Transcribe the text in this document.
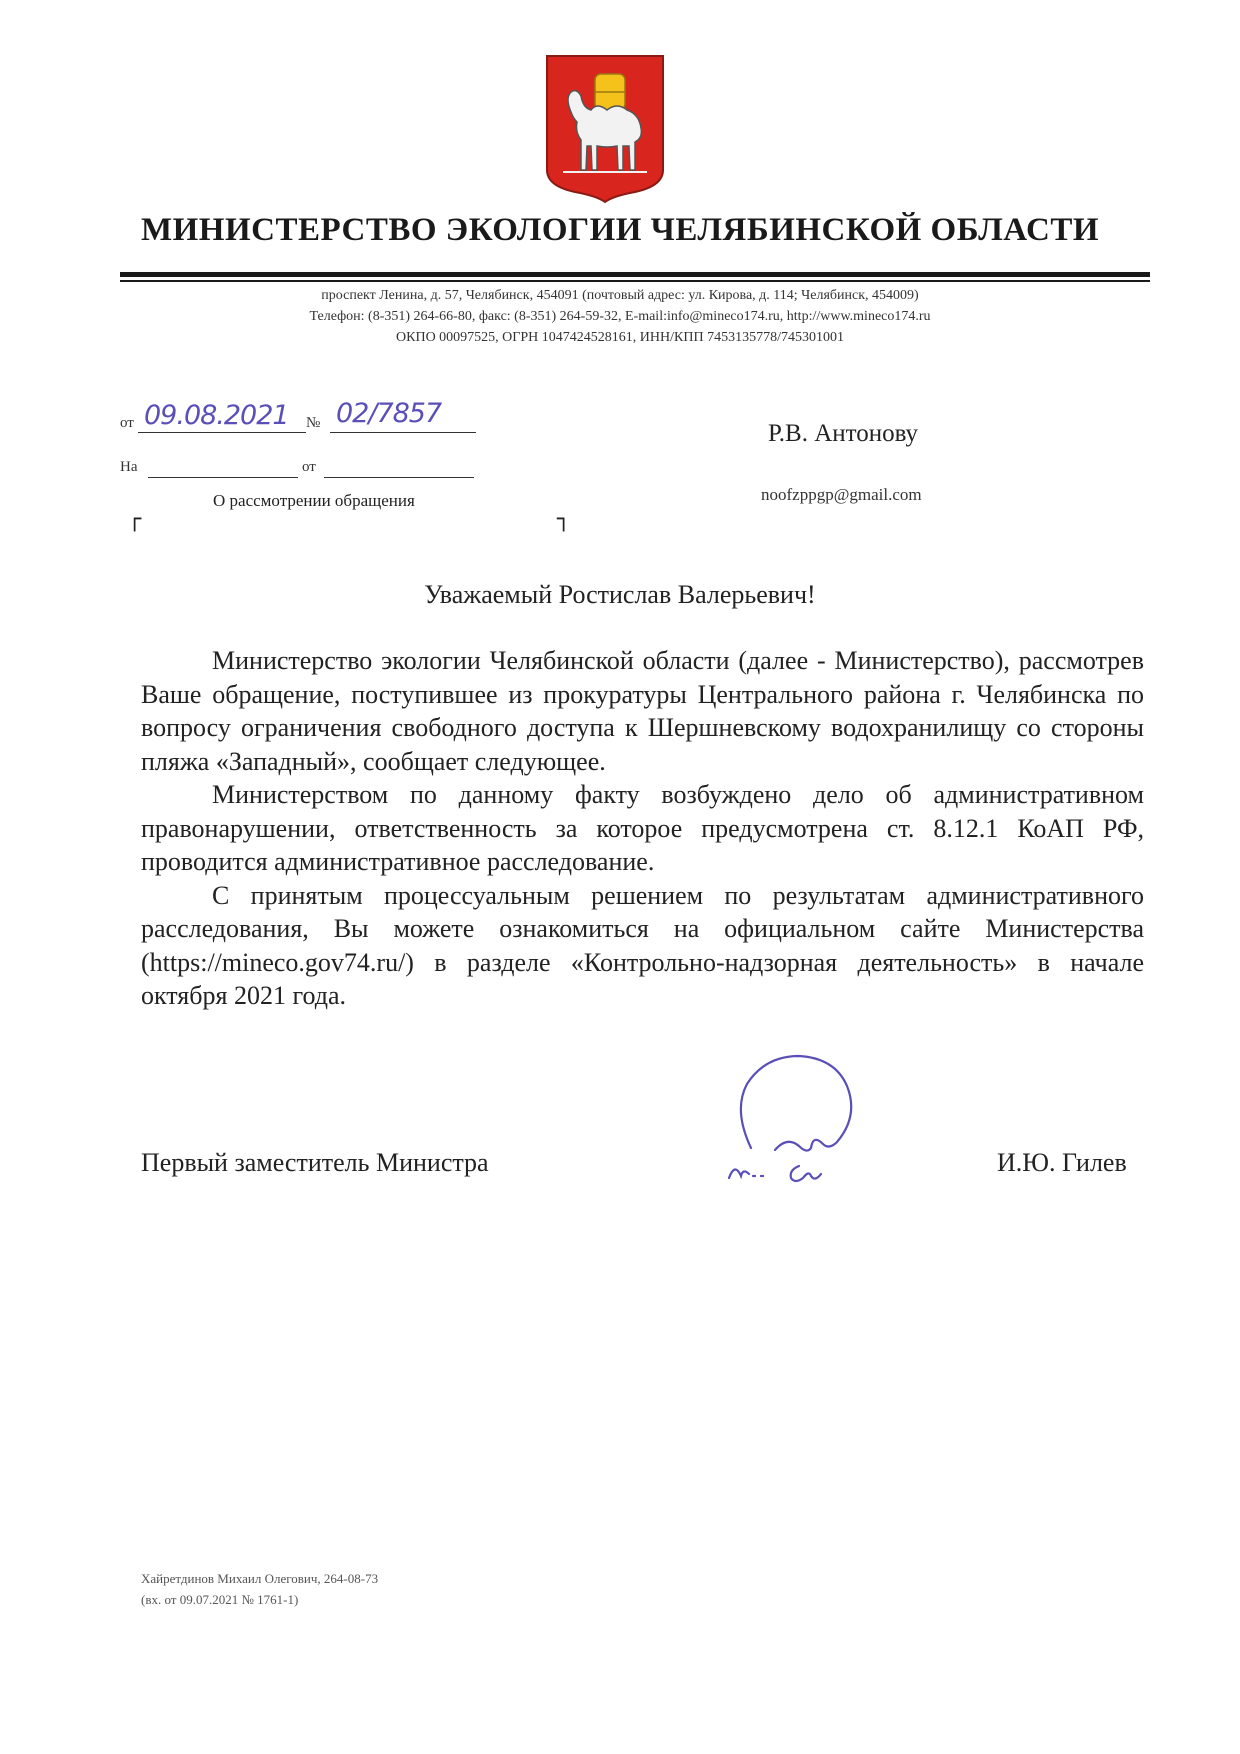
МИНИСТЕРСТВО ЭКОЛОГИИ ЧЕЛЯБИНСКОЙ ОБЛАСТИ
проспект Ленина, д. 57, Челябинск, 454091 (почтовый адрес: ул. Кирова, д. 114; Челябинск, 454009)
Телефон: (8-351) 264-66-80, факс: (8-351) 264-59-32, E-mail:info@mineco174.ru, http://www.mineco174.ru
ОКПО 00097525, ОГРН 1047424528161, ИНН/КПП 7453135778/745301001
от 09.08.2021 № 02/7857
На	от
О рассмотрении обращения
┌	┐
Р.В. Антонову
noofzppgp@gmail.com
Уважаемый Ростислав Валерьевич!

Министерство экологии Челябинской области (далее - Министерство), рассмотрев Ваше обращение, поступившее из прокуратуры Центрального района г. Челябинска по вопросу ограничения свободного доступа к Шершневскому водохранилищу со стороны пляжа «Западный», сообщает следующее.

Министерством по данному факту возбуждено дело об административном правонарушении, ответственность за которое предусмотрена ст. 8.12.1 КоАП РФ, проводится административное расследование.

С принятым процессуальным решением по результатам административного расследования, Вы можете ознакомиться на официальном сайте Министерства (https://mineco.gov74.ru/) в разделе «Контрольно-надзорная деятельность» в начале октября 2021 года.

Первый заместитель Министра	И.Ю. Гилев
Хайретдинов Михаил Олегович, 264-08-73
(вх. от 09.07.2021 № 1761-1)
